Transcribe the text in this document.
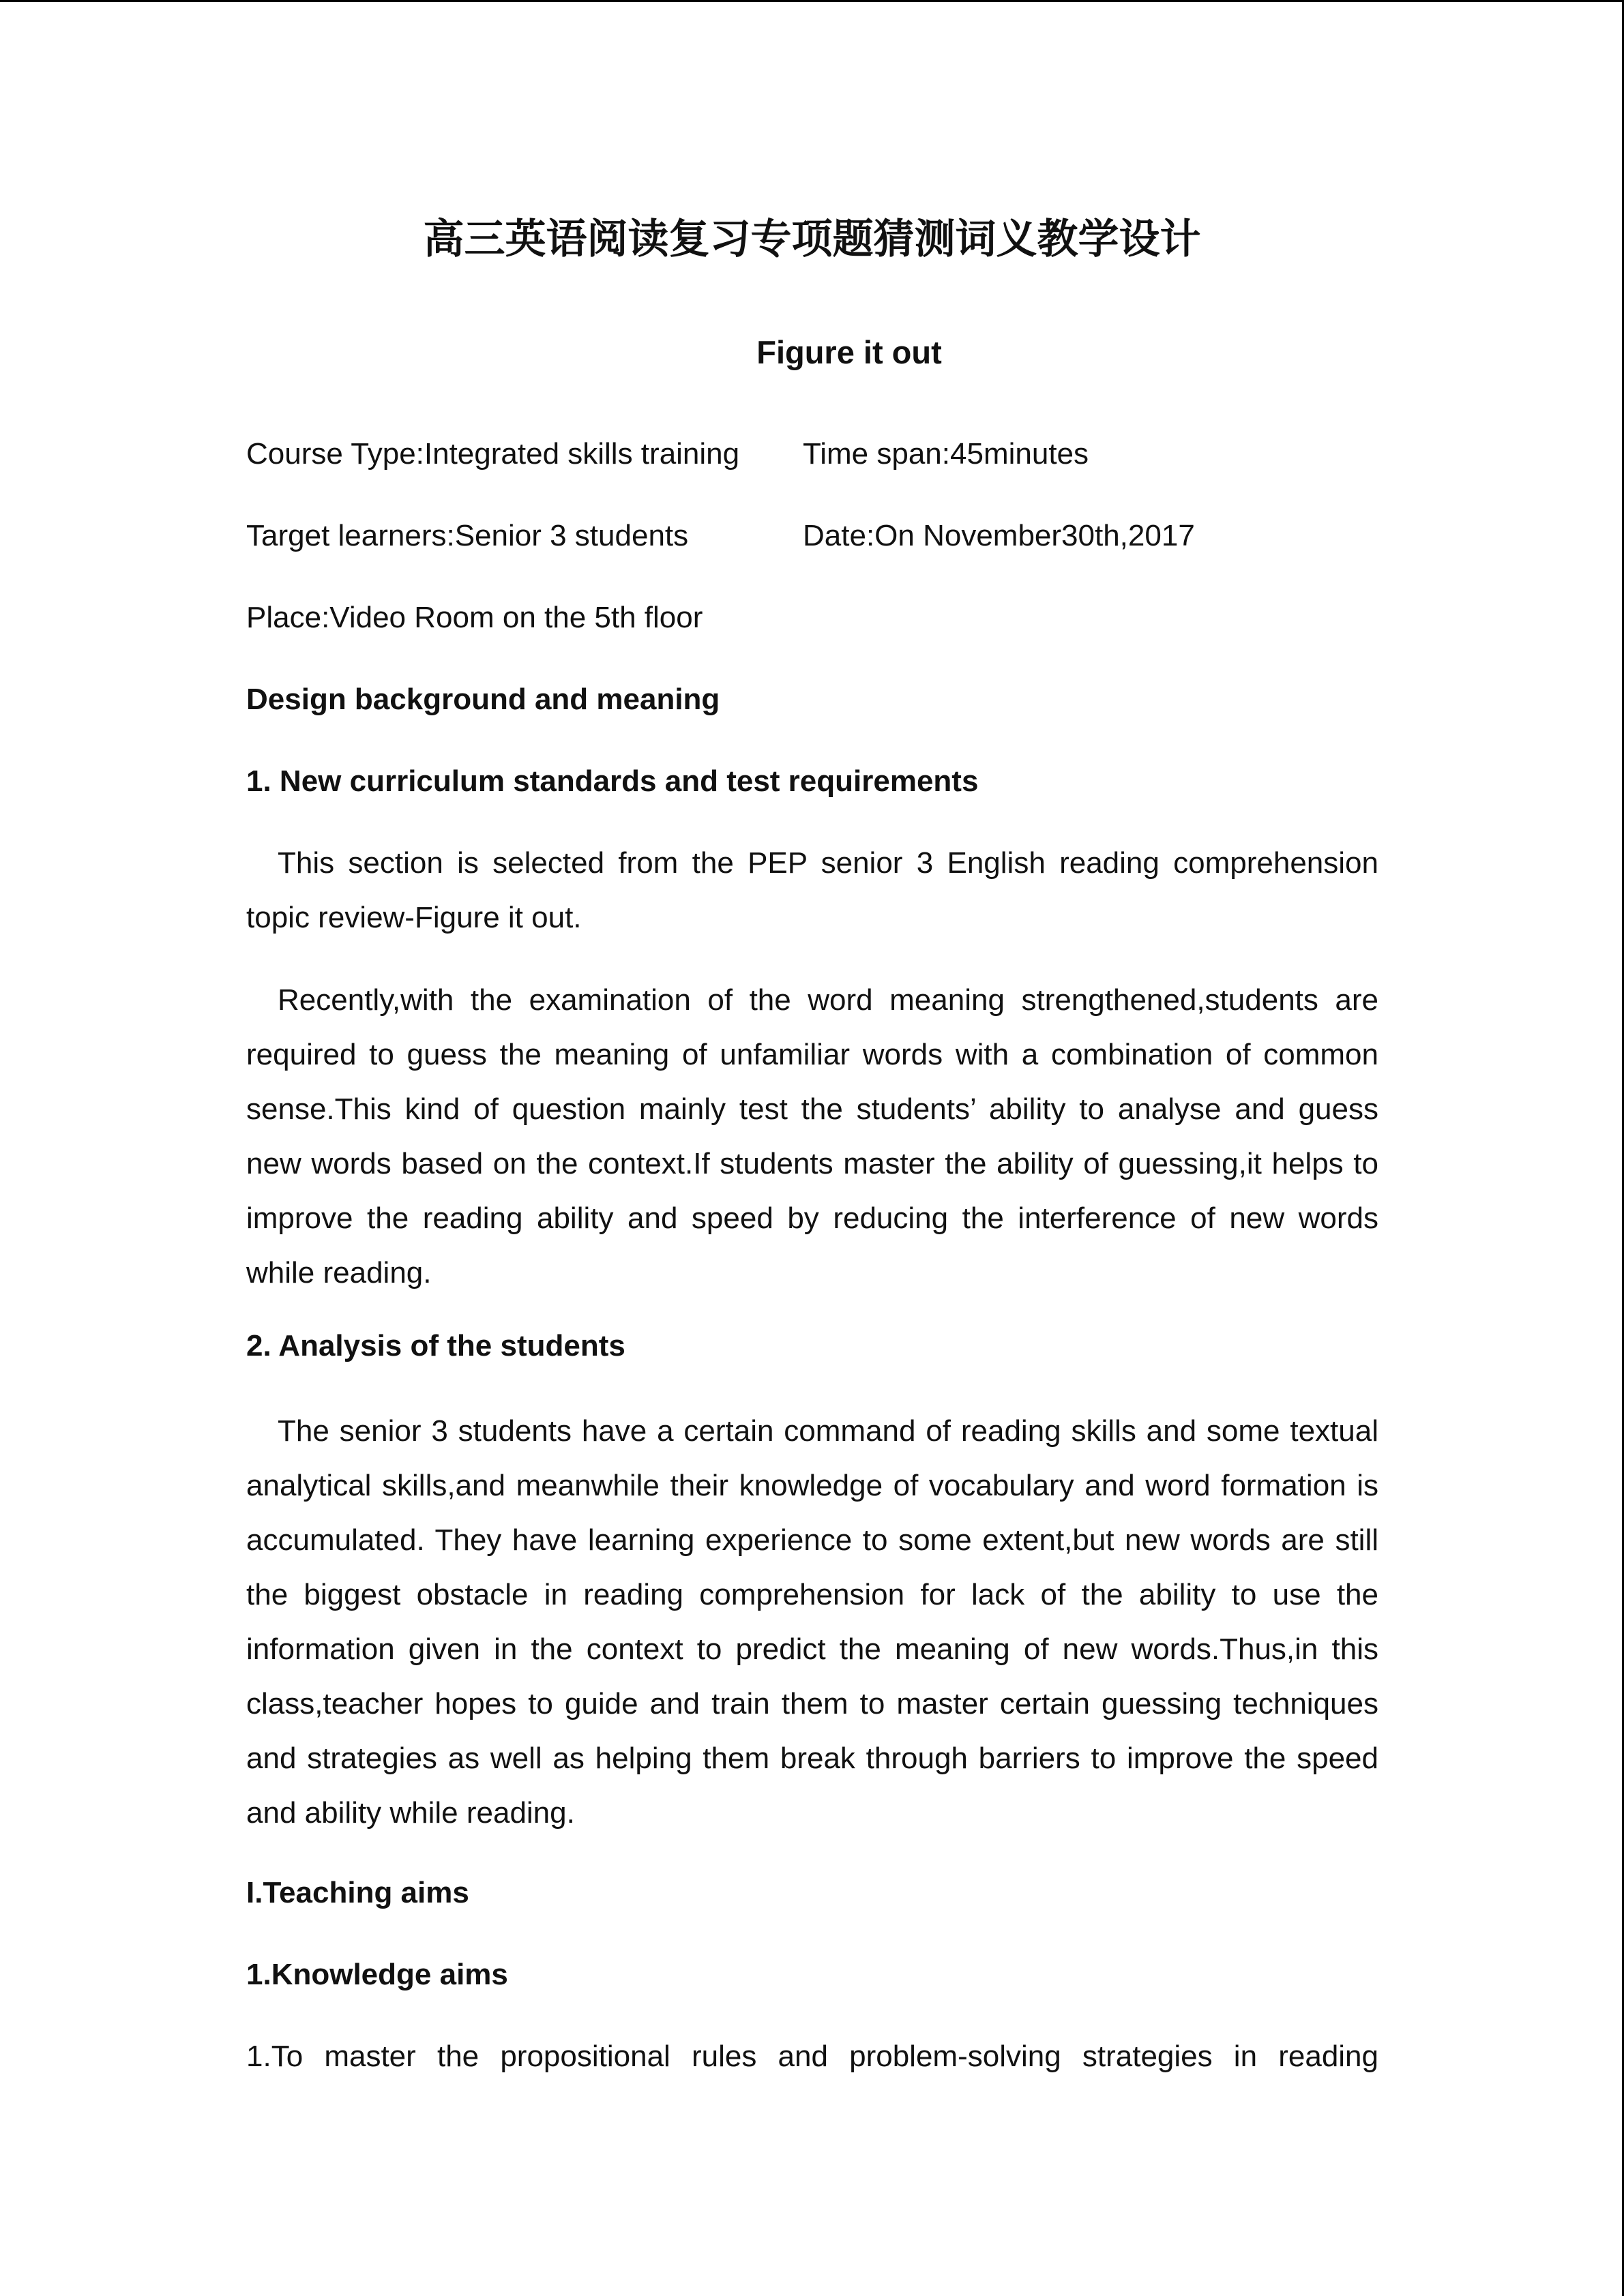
高三英语阅读复习专项题猜测词义教学设计
Figure it out

Course Type:Integrated skills training Time span:45minutes

Target learners:Senior 3 students	Date:On November30th,2017

Place:Video Room on the 5th floor

Design background and meaning
1. New curriculum standards and test requirements

This section is selected from the PEP senior 3 English reading comprehension topic review-Figure it out.

Recently,with the examination of the word meaning strengthened,students are required to guess the meaning of unfamiliar words with a combination of common sense.This kind of question mainly test the students’ ability to analyse and guess new words based on the context.If students master the ability of guessing,it helps to improve the reading ability and speed by reducing the interference of new words while reading.

2. Analysis of the students

The senior 3 students have a certain command of reading skills and some textual analytical skills,and meanwhile their knowledge of vocabulary and word formation is accumulated. They have learning experience to some extent,but new words are still the biggest obstacle in reading comprehension for lack of the ability to use the information given in the context to predict the meaning of new words.Thus,in this class,teacher hopes to guide and train them to master certain guessing techniques and strategies as well as helping them break through barriers to improve the speed and ability while reading.

I.Teaching aims
1.Knowledge aims

1.To master the propositional rules and problem-solving strategies in reading
